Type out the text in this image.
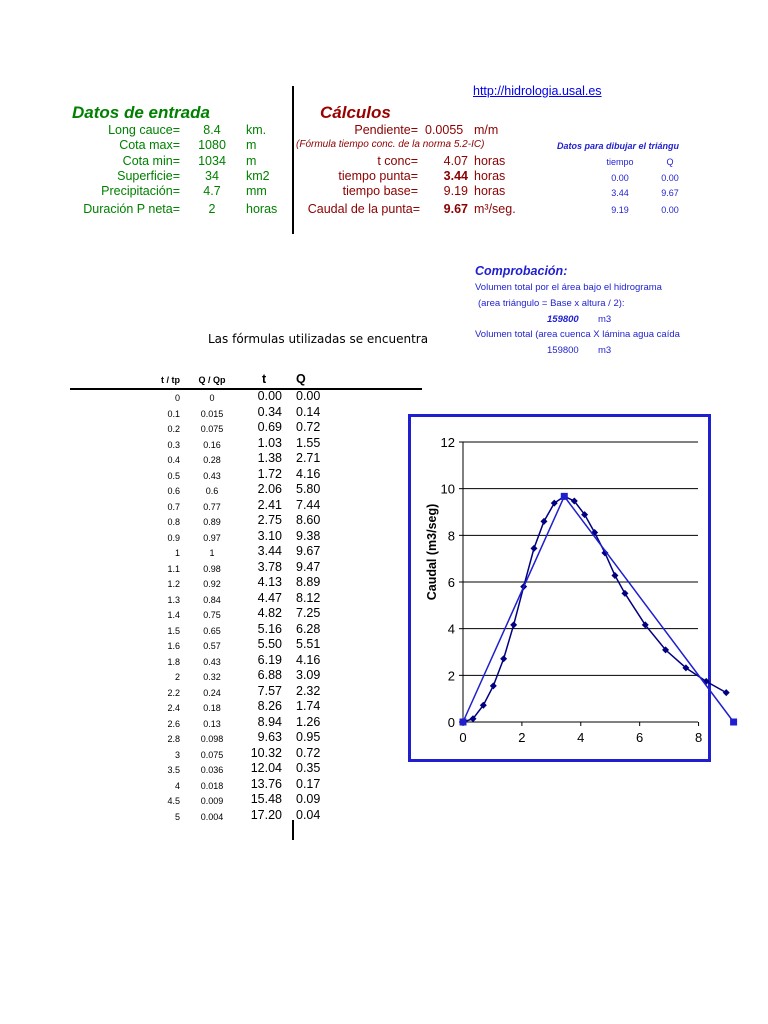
http://hidrologia.usal.es
Datos de entrada
Long cauce=	8.4	km.
Cota max=	1080	m
Cota min=	1034	m
Superficie=	34	km2
Precipitación=	4.7	mm
Duración P neta=	2	horas
Cálculos
Pendiente= 0.0055 m/m
(Fórmula tiempo conc. de la norma 5.2-IC)
t conc=	4.07 horas
tiempo punta=	3.44 horas
tiempo base=	9.19 horas
Caudal de la punta=	9.67 m³/seg.
Datos para dibujar el triángu
tiempo	Q
0.00	0.00
3.44	9.67
9.19	0.00
Comprobación:
Volumen total por el área bajo el hidrograma
(area triángulo = Base x altura / 2):
159800 m3
Volumen total (area cuenca X lámina agua caída
159800 m3
Las fórmulas utilizadas se encuentra
t / tp	Q / Qp	t Q
0	0	0.00 0.00
0.1	0.015	0.34 0.14
0.2	0.075	0.69 0.72
0.3	0.16	1.03 1.55
0.4	0.28	1.38 2.71
0.5	0.43	1.72 4.16
0.6	0.6	2.06 5.80
0.7	0.77	2.41 7.44
0.8	0.89	2.75 8.60
0.9	0.97	3.10 9.38
1	1	3.44 9.67
1.1	0.98	3.78 9.47
1.2	0.92	4.13 8.89
1.3	0.84	4.47 8.12
1.4	0.75	4.82 7.25
1.5	0.65	5.16 6.28
1.6	0.57	5.50 5.51
1.8	0.43	6.19 4.16
2	0.32	6.88 3.09
2.2	0.24	7.57 2.32
2.4	0.18	8.26 1.74
2.6	0.13	8.94 1.26
2.8	0.098	9.63 0.95
3	0.075	10.32 0.72
3.5	0.036	12.04 0.35
4	0.018	13.76 0.17
4.5	0.009	15.48 0.09
5	0.004	17.20 0.04
0
2
4
6
8
10
12
0	2	4	6	8
Caudal (m3/seg)
